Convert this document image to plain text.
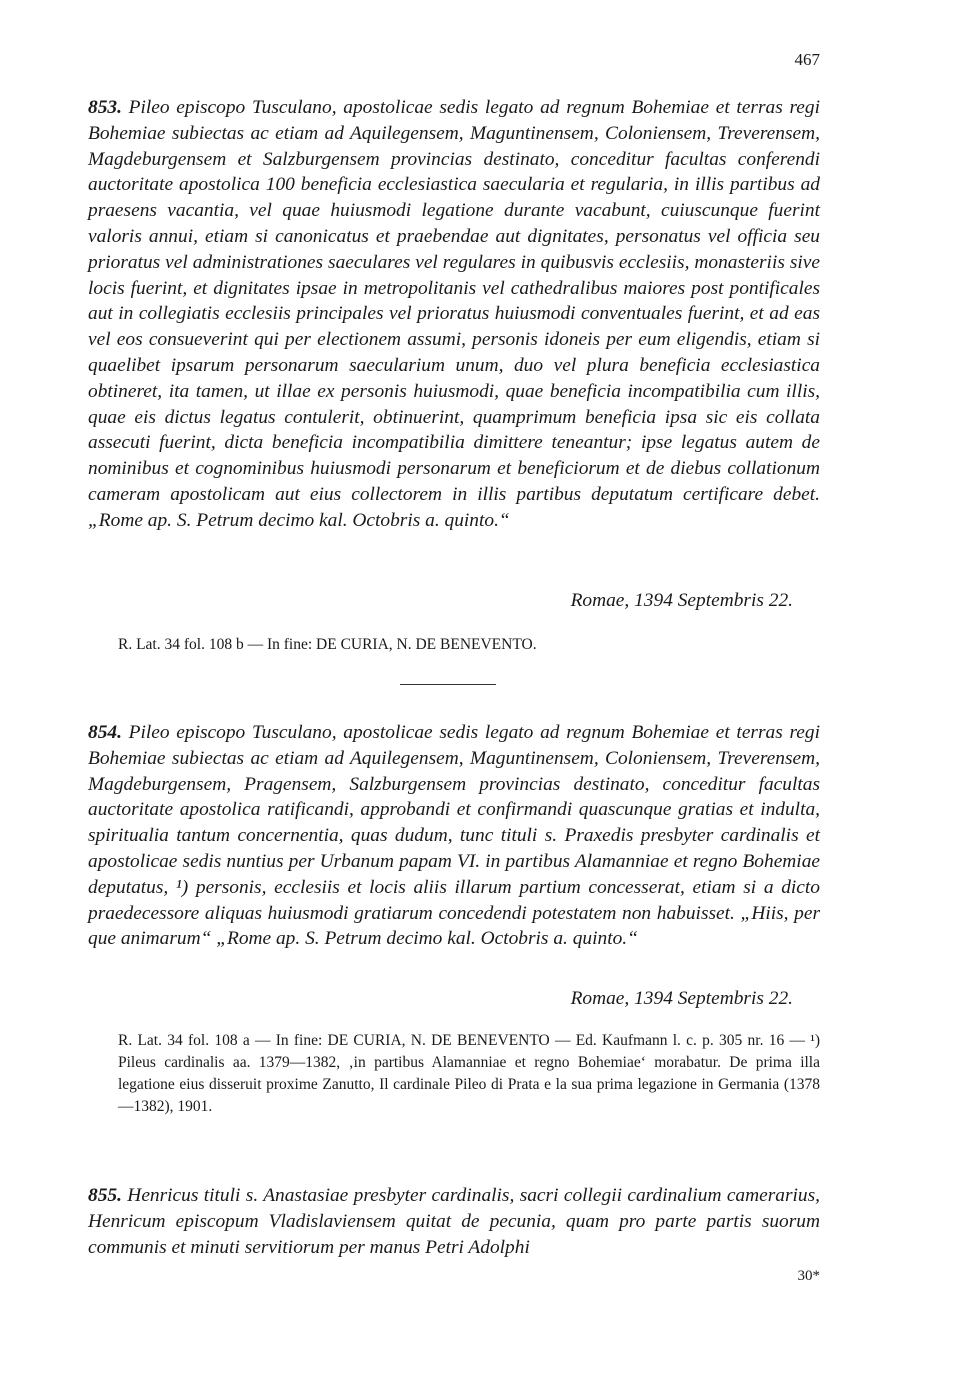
467
853. Pileo episcopo Tusculano, apostolicae sedis legato ad regnum Bohemiae et terras regi Bohemiae subiectas ac etiam ad Aquilegensem, Maguntinensem, Coloniensem, Treverensem, Magdeburgensem et Salzburgensem provincias destinato, conceditur facultas conferendi auctoritate apostolica 100 beneficia ecclesiastica saecularia et regularia, in illis partibus ad praesens vacantia, vel quae huiusmodi legatione durante vacabunt, cuiuscunque fuerint valoris annui, etiam si canonicatus et praebendae aut dignitates, personatus vel officia seu prioratus vel administrationes saeculares vel regulares in quibusvis ecclesiis, monasteriis sive locis fuerint, et dignitates ipsae in metropolitanis vel cathedralibus maiores post pontificales aut in collegiatis ecclesiis principales vel prioratus huiusmodi conventuales fuerint, et ad eas vel eos consueverint qui per electionem assumi, personis idoneis per eum eligendis, etiam si quaelibet ipsarum personarum saecularium unum, duo vel plura beneficia ecclesiastica obtineret, ita tamen, ut illae ex personis huiusmodi, quae beneficia incompatibilia cum illis, quae eis dictus legatus contulerit, obtinuerint, quamprimum beneficia ipsa sic eis collata assecuti fuerint, dicta beneficia incompatibilia dimittere teneantur; ipse legatus autem de nominibus et cognominibus huiusmodi personarum et beneficiorum et de diebus collationum cameram apostolicam aut eius collectorem in illis partibus deputatum certificare debet. „Rome ap. S. Petrum decimo kal. Octobris a. quinto.“
Romae, 1394 Septembris 22.
R. Lat. 34 fol. 108 b — In fine: DE CURIA, N. DE BENEVENTO.
854. Pileo episcopo Tusculano, apostolicae sedis legato ad regnum Bohemiae et terras regi Bohemiae subiectas ac etiam ad Aquilegensem, Maguntinensem, Coloniensem, Treverensem, Magdeburgensem, Pragensem, Salzburgensem provincias destinato, conceditur facultas auctoritate apostolica ratificandi, approbandi et confirmandi quascunque gratias et indulta, spiritualia tantum concernentia, quas dudum, tunc tituli s. Praxedis presbyter cardinalis et apostolicae sedis nuntius per Urbanum papam VI. in partibus Alamanniae et regno Bohemiae deputatus, ¹) personis, ecclesiis et locis aliis illarum partium concesserat, etiam si a dicto praedecessore aliquas huiusmodi gratiarum concedendi potestatem non habuisset. „Hiis, per que animarum“ „Rome ap. S. Petrum decimo kal. Octobris a. quinto.“
Romae, 1394 Septembris 22.
R. Lat. 34 fol. 108 a — In fine: DE CURIA, N. DE BENEVENTO — Ed. Kaufmann l. c. p. 305 nr. 16 — ¹) Pileus cardinalis aa. 1379—1382, ‚in partibus Alamanniae et regno Bohemiae‘ morabatur. De prima illa legatione eius disseruit proxime Zanutto, Il cardinale Pileo di Prata e la sua prima legazione in Germania (1378—1382), 1901.
855. Henricus tituli s. Anastasiae presbyter cardinalis, sacri collegii cardinalium camerarius, Henricum episcopum Vladislaviensem quitat de pecunia, quam pro parte partis suorum communis et minuti servitiorum per manus Petri Adolphi
30*
